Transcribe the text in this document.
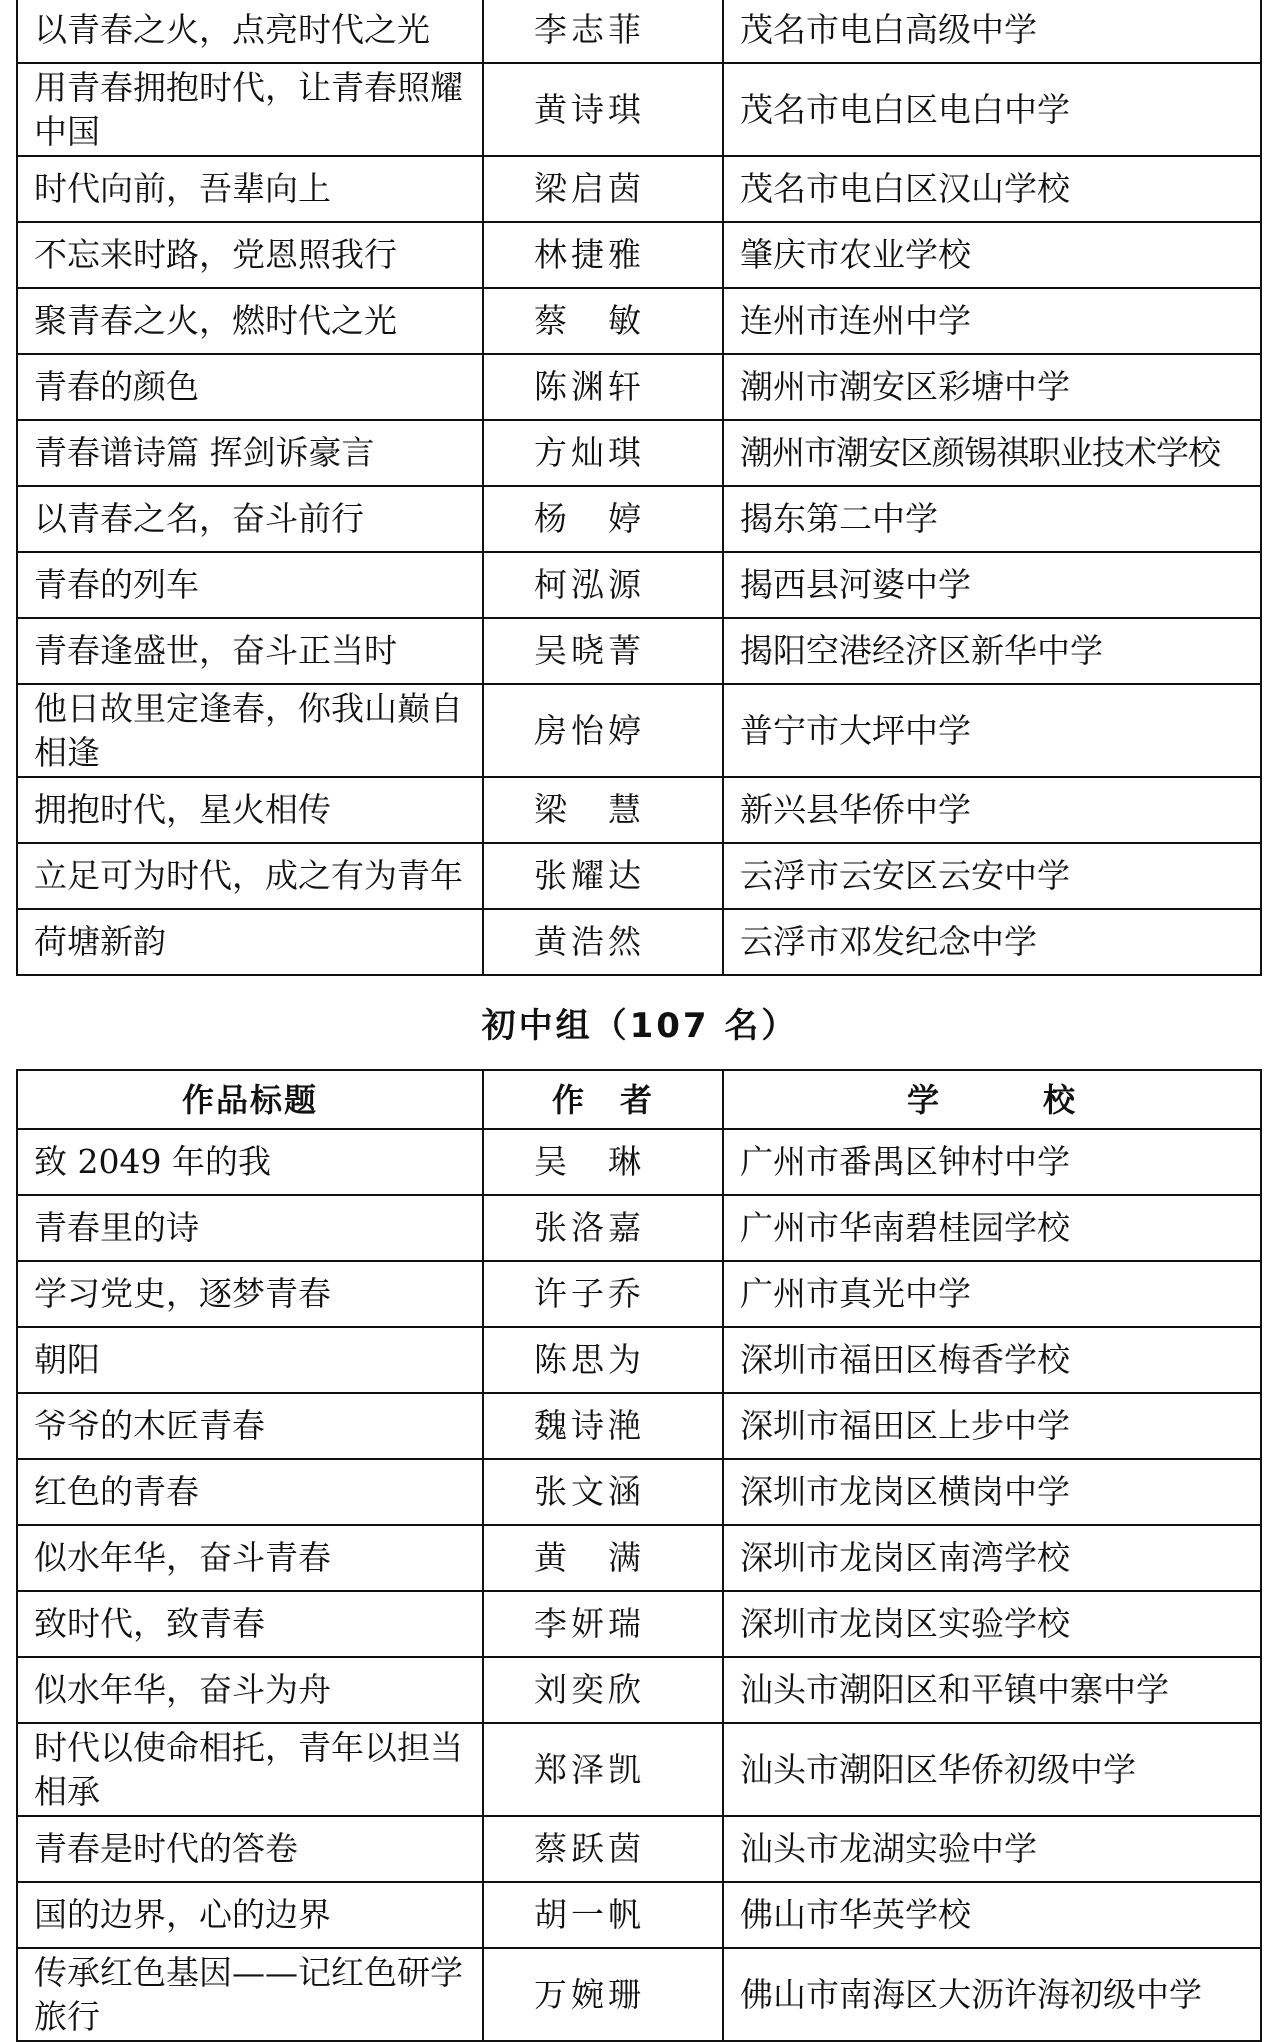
以青春之火，点亮时代之光	李志菲	茂名市电白高级中学
用青春拥抱时代，让青春照耀中国	黄诗琪	茂名市电白区电白中学
时代向前，吾辈向上	梁启茵	茂名市电白区汉山学校
不忘来时路，党恩照我行	林捷雅	肇庆市农业学校
聚青春之火，燃时代之光	蔡　敏	连州市连州中学
青春的颜色	陈渊轩	潮州市潮安区彩塘中学
青春谱诗篇 挥剑诉豪言	方灿琪	潮州市潮安区颜锡祺职业技术学校
以青春之名，奋斗前行	杨　婷	揭东第二中学
青春的列车	柯泓源	揭西县河婆中学
青春逢盛世，奋斗正当时	吴晓菁	揭阳空港经济区新华中学
他日故里定逢春，你我山巅自相逢	房怡婷	普宁市大坪中学
拥抱时代，星火相传	梁　慧	新兴县华侨中学
立足可为时代，成之有为青年	张耀达	云浮市云安区云安中学
荷塘新韵	黄浩然	云浮市邓发纪念中学
初中组（107 名）
作品标题	作　者	学　　　校
致 2049 年的我	吴　琳	广州市番禺区钟村中学
青春里的诗	张洛嘉	广州市华南碧桂园学校
学习党史，逐梦青春	许子乔	广州市真光中学
朝阳	陈思为	深圳市福田区梅香学校
爷爷的木匠青春	魏诗滟	深圳市福田区上步中学
红色的青春	张文涵	深圳市龙岗区横岗中学
似水年华，奋斗青春	黄　满	深圳市龙岗区南湾学校
致时代，致青春	李妍瑞	深圳市龙岗区实验学校
似水年华，奋斗为舟	刘奕欣	汕头市潮阳区和平镇中寨中学
时代以使命相托，青年以担当相承	郑泽凯	汕头市潮阳区华侨初级中学
青春是时代的答卷	蔡跃茵	汕头市龙湖实验中学
国的边界，心的边界	胡一帆	佛山市华英学校
传承红色基因——记红色研学旅行	万婉珊	佛山市南海区大沥许海初级中学
